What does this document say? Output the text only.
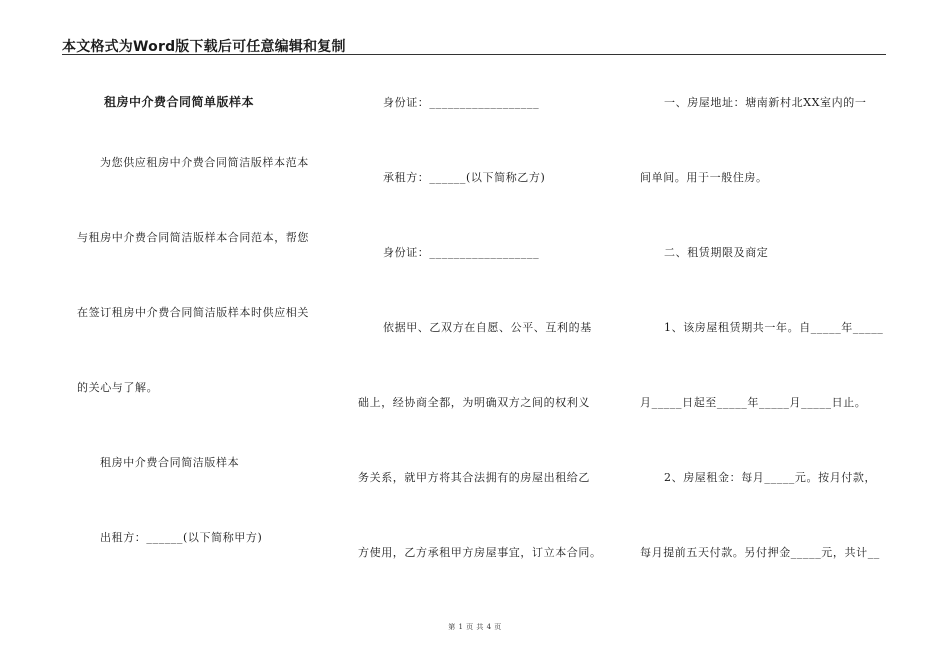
本文格式为Word版下载后可任意编辑和复制
租房中介费合同简单版样本
为您供应租房中介费合同简洁版样本范本
与租房中介费合同简洁版样本合同范本，帮您
在签订租房中介费合同简洁版样本时供应相关
的关心与了解。
租房中介费合同简洁版样本
出租方：______(以下简称甲方)
身份证：__________________
承租方：______(以下简称乙方)
身份证：__________________
依据甲、乙双方在自愿、公平、互利的基
础上，经协商全都，为明确双方之间的权利义
务关系，就甲方将其合法拥有的房屋出租给乙
方使用，乙方承租甲方房屋事宜，订立本合同。
一、房屋地址：塘南新村北XX室内的一
间单间。用于一般住房。
二、租赁期限及商定
1、该房屋租赁期共一年。自_____年_____
月_____日起至_____年_____月_____日止。
2、房屋租金：每月_____元。按月付款，
每月提前五天付款。另付押金_____元，共计__
第 1 页 共 4 页
